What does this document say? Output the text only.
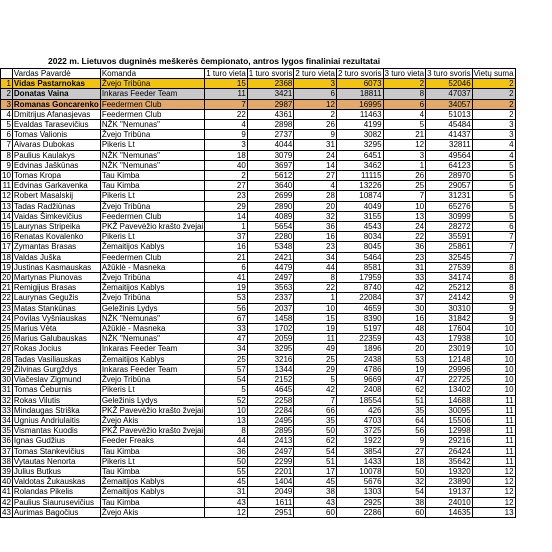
2022 m. Lietuvos dugninės meškerės čempionato, antros lygos finaliniai rezultatai
	Vardas Pavardė	Komanda	1 turo vieta	1 turo svoris	2 turo vieta	2 turo svoris	3 turo vieta	3 turo svoris	Vietų suma
1	Vidas Pastarnokas	Žvejo Tribūna	15	2368	3	6073	2	52046	2
2	Donatas Vaina	Inkaras Feeder Team	11	3421	6	18811	8	47037	2
3	Romanas Goncarenko	Feedermen Club	7	2987	12	16995	6	34057	2
4	Dmitrijus Afanasjevas	Feedermen Club	22	4361	2	11463	4	51013	2
5	Evaldas Tarasevičius	NŽK "Nemunas"	4	2898	26	4199	5	45484	3
6	Tomas Valionis	Žvejo Tribūna	9	2737	9	3082	21	41437	3
7	Aivaras Dubokas	Pikeris Lt	3	4044	31	3295	12	32811	4
8	Paulius Kaulakys	NŽK "Nemunas"	18	3079	24	6451	3	49564	4
9	Edvinas Jaškūnas	NŽK "Nemunas"	40	3697	14	3462	1	64123	5
10	Tomas Kropa	Tau Kimba	2	5612	27	11115	26	28970	5
11	Edvinas Garkavenka	Tau Kimba	27	3640	4	13226	25	29057	5
12	Robert Masalskij	Pikeris Lt	23	2699	28	10874	7	31231	5
13	Tadas Radžiūnas	Žvejo Tribūna	29	2890	20	4049	10	65276	5
14	Vaidas Šimkevičius	Feedermen Club	14	4089	32	3155	13	30999	5
15	Laurynas Stripeika	PKŽ Pavevėžio krašto žvejai	1	5654	36	4543	24	28272	6
16	Renatas Kovalenko	Pikeris Lt	37	2280	16	8034	22	35591	7
17	Zymantas Brasas	Žemaitijos Kablys	16	5348	23	8045	36	25861	7
18	Valdas Juška	Feedermen Club	21	2421	34	5464	23	32545	7
19	Justinas Kasmauskas	Ažūklė - Masneka	6	4479	44	8581	31	27539	8
20	Martynas Piunovas	Žvejo Tribūna	41	2497	8	17959	33	34174	8
21	Remigijus Brasas	Žemaitijos Kablys	19	3563	22	8740	42	25212	8
22	Laurynas Gegužis	Žvejo Tribūna	53	2337	1	22084	37	24142	9
23	Matas Stankūnas	Geležinis Lydys	56	2037	10	4659	30	30310	9
24	Povilas Vyšniauskas	NŽK "Nemunas"	67	1458	15	8390	16	31842	9
25	Marius Vėta	Ažūklė - Masneka	33	1702	19	5197	48	17604	10
26	Marius Galubauskas	NŽK "Nemunas"	47	2059	11	22359	43	17938	10
27	Rokas Jocius	Inkaras Feeder Team	34	3295	49	1896	20	23019	10
28	Tadas Vasiliauskas	Žemaitijos Kablys	25	3216	25	2438	53	12148	10
29	Žilvinas Gurgždys	Inkaras Feeder Team	57	1344	29	4786	19	29996	10
30	Viačeslav Zigmund	Žvejo Tribūna	54	2152	5	9669	47	22725	10
31	Tomas Čeburnis	Pikeris Lt	5	4645	42	2408	62	13402	10
32	Rokas Vilutis	Geležinis Lydys	52	2258	7	18554	51	14688	11
33	Mindaugas Striška	PKŽ Pavevėžio krašto žvejai	10	2284	66	426	35	30095	11
34	Ugnius Andriulaitis	Žvejo Akis	13	2495	35	4703	64	15506	11
35	Vismantas Kuodis	PKŽ Pavevėžio krašto žvejai	8	2895	50	3725	56	12998	11
36	Ignas Gudžius	Feeder Freaks	44	2413	62	1922	9	29216	11
37	Tomas Stankevičius	Tau Kimba	36	2497	54	3854	27	26424	11
38	Vytautas Nenorta	Pikeris Lt	50	2299	51	1433	18	35642	11
39	Julius Butkus	Tau Kimba	55	2201	17	10078	50	19320	12
40	Valdotas Žukauskas	Žemaitijos Kablys	45	1404	45	5676	32	23890	12
41	Rolandas Pikelis	Žemaitijos Kablys	31	2049	38	1303	54	19137	12
42	Paulius Siaurusevičius	Tau Kimba	43	1611	43	2925	38	24010	12
43	Aurimas Bagočius	Žvejo Akis	12	2951	60	2286	60	14635	13
